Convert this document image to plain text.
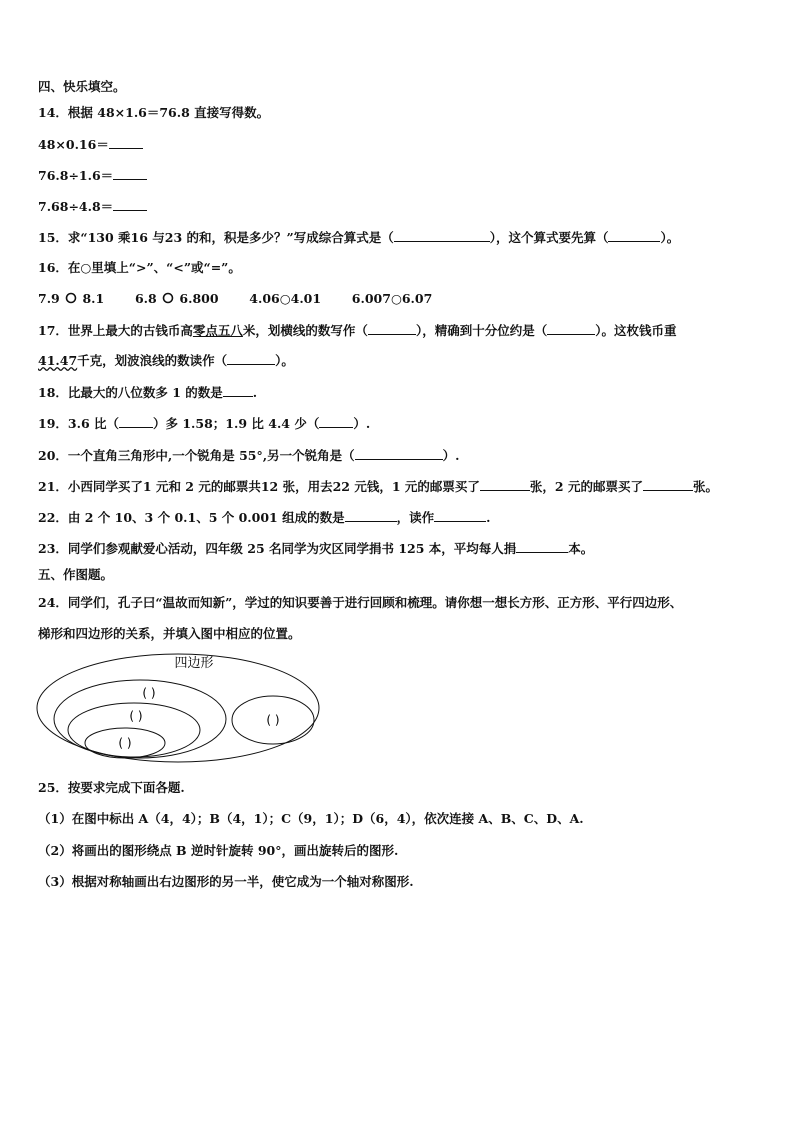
四、快乐填空。
14．根据 48×1.6＝76.8 直接写得数。
48×0.16＝
76.8÷1.6＝
7.68÷4.8＝
15．求“130 乘16 与23 的和，积是多少？”写成综合算式是（	），这个算式要先算（	）。
16．在○里填上“>”、“<”或“=”。
7.9 8.1 6.8 6.800 4.06○4.01 6.007○6.07
17．世界上最大的古钱币高零点五八米，划横线的数写作（	），精确到十分位约是（	）。这枚钱币重
41.47千克，划波浪线的数读作（	）。
18．比最大的八位数多 1 的数是 .
19．3.6 比（	）多 1.58；1.9 比 4.4 少（	）.
20．一个直角三角形中,一个锐角是 55°,另一个锐角是（	）.
21．小西同学买了1 元和 2 元的邮票共12 张，用去22 元钱，1 元的邮票买了	张，2 元的邮票买了	张。
22．由 2 个 10、3 个 0.1、5 个 0.001 组成的数是	，读作	.
23．同学们参观献爱心活动，四年级 25 名同学为灾区同学捐书 125 本，平均每人捐	本。
五、作图题。
24．同学们，孔子曰“温故而知新”，学过的知识要善于进行回顾和梳理。请你想一想长方形、正方形、平行四边形、
梯形和四边形的关系，并填入图中相应的位置。
四边形
( )
( )
( )
( )
25．按要求完成下面各题.
（1）在图中标出 A（4，4）；B（4，1）；C（9，1）；D（6，4），依次连接 A、B、C、D、A.
（2）将画出的图形绕点 B 逆时针旋转 90°，画出旋转后的图形.
（3）根据对称轴画出右边图形的另一半，使它成为一个轴对称图形.
